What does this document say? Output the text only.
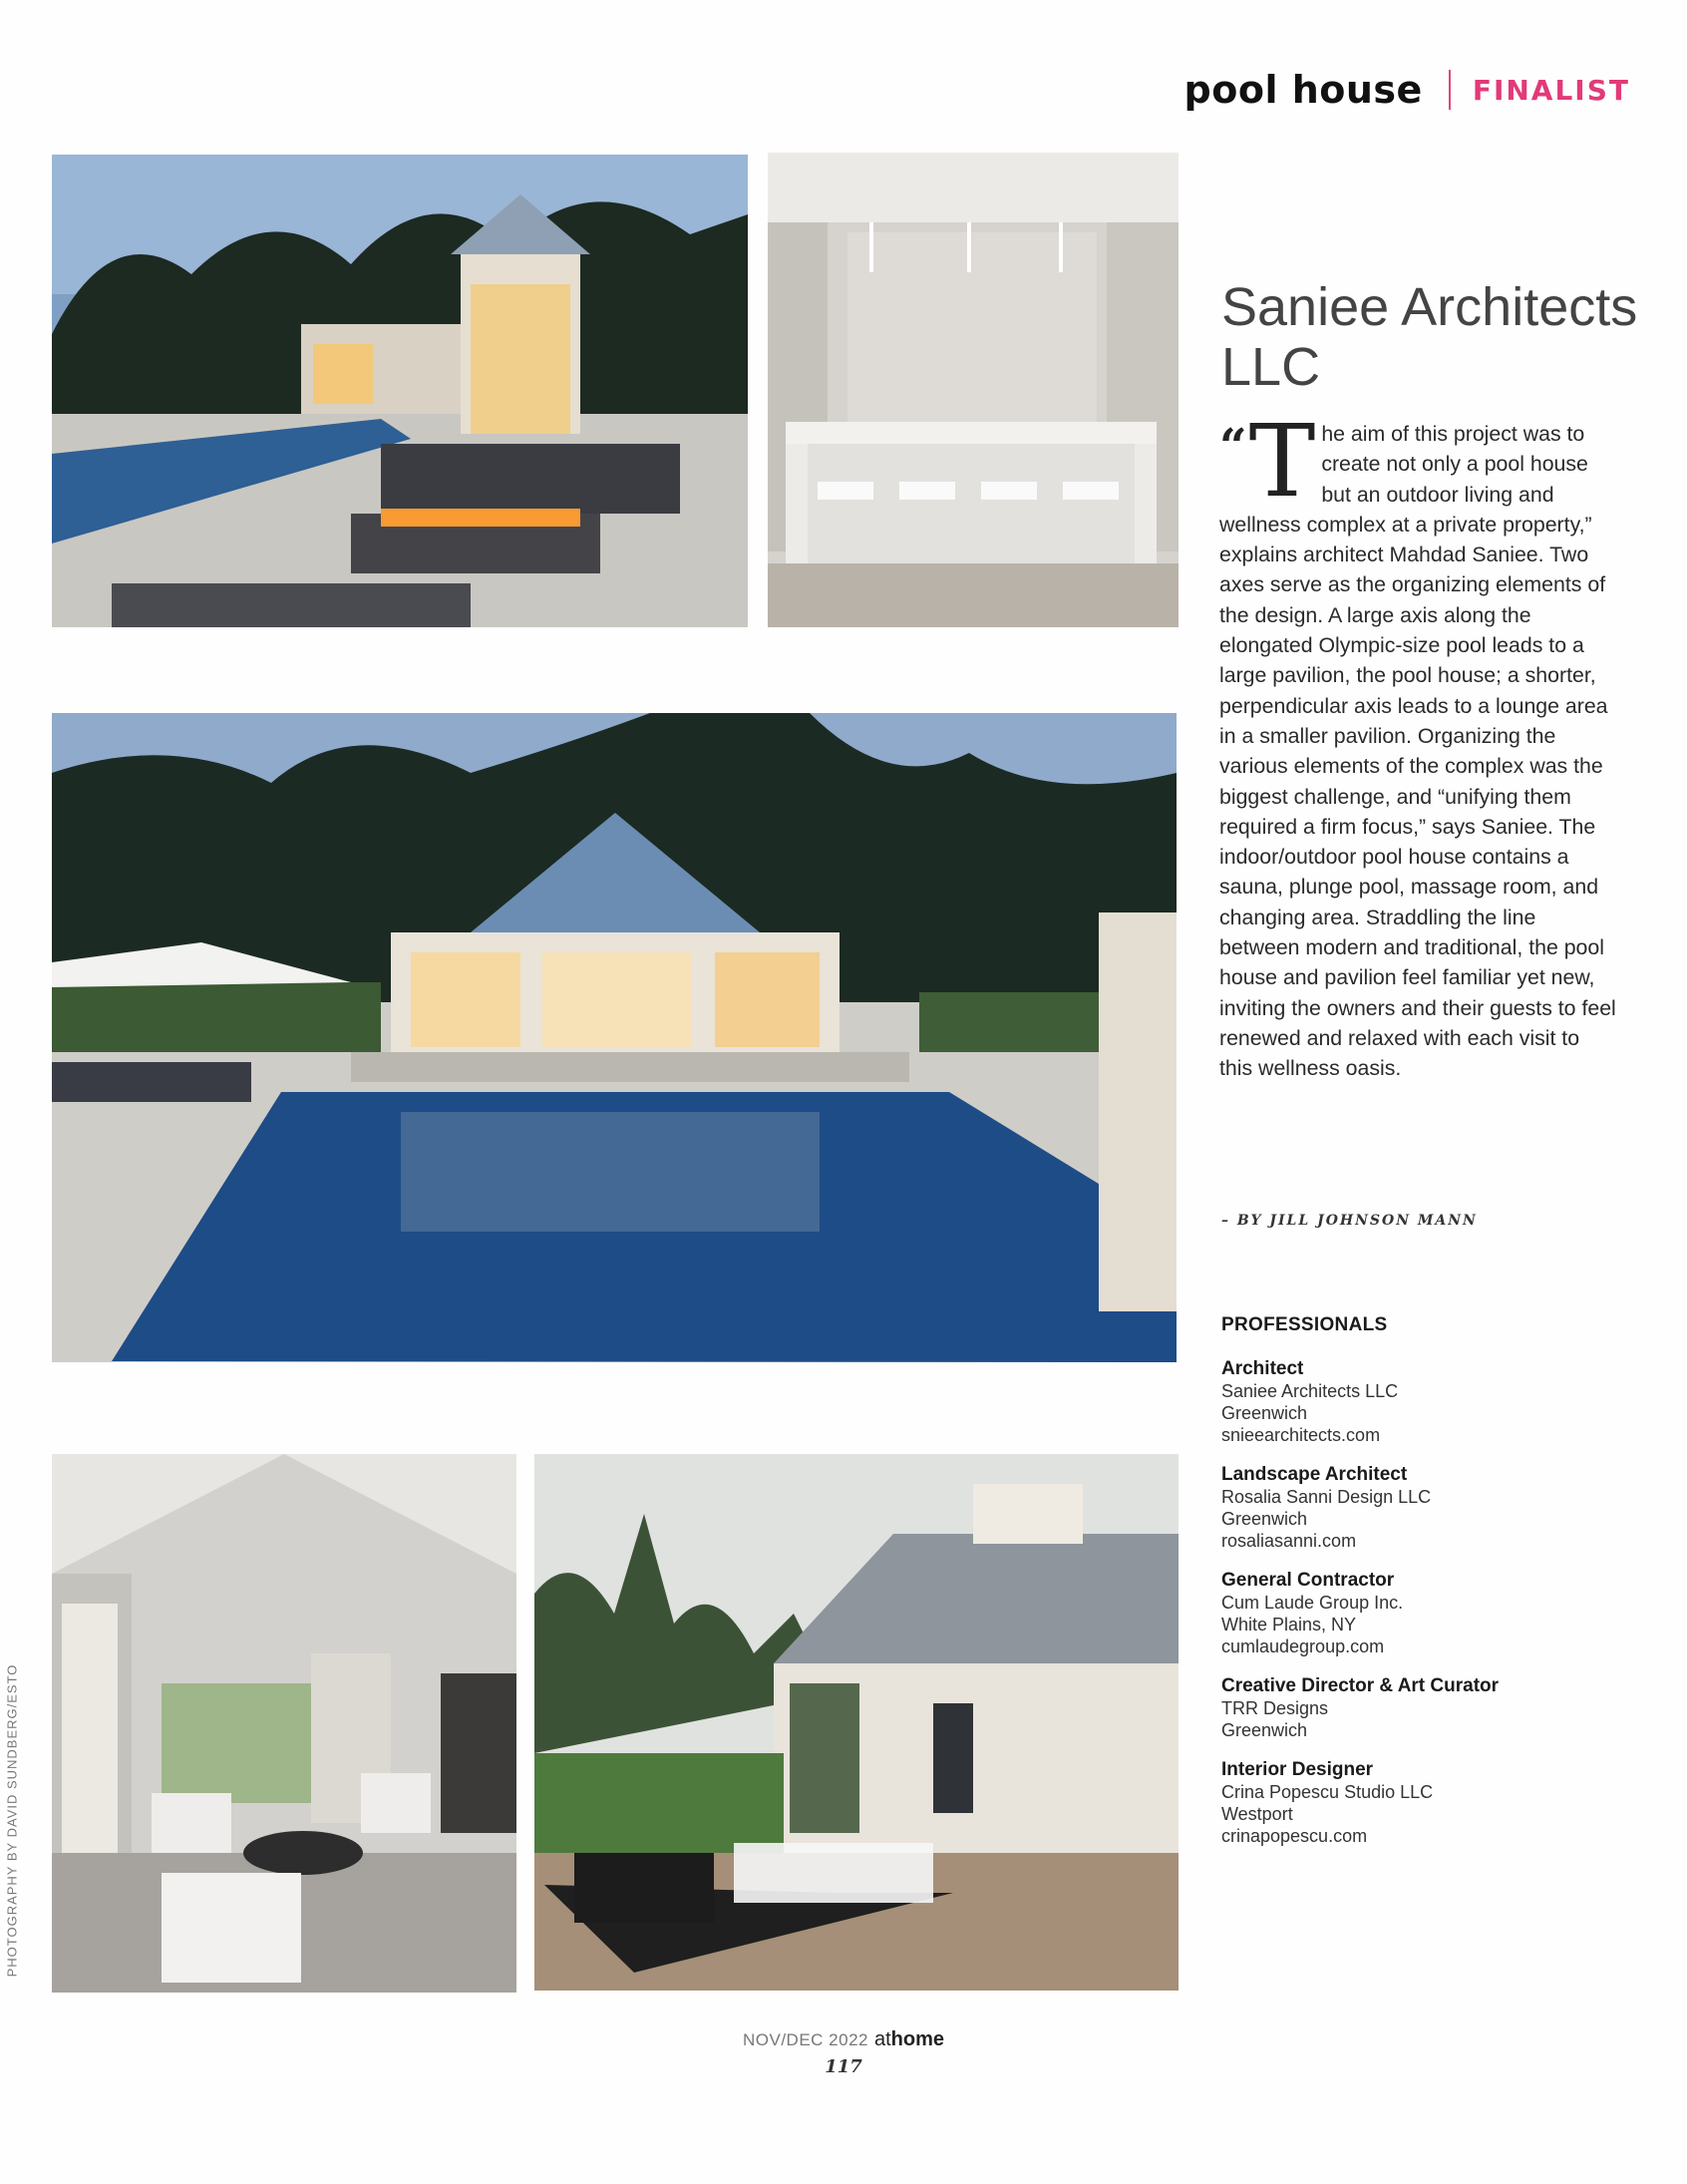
pool house FINALIST
Saniee Architects LLC

“ T he aim of this project was to create not only a pool house but an outdoor living and wellness complex at a private property,” explains architect Mahdad Saniee. Two axes serve as the organizing elements of the design. A large axis along the elongated Olympic-size pool leads to a large pavilion, the pool house; a shorter, perpendicular axis leads to a lounge area in a smaller pavilion. Organizing the various elements of the complex was the biggest challenge, and “unifying them required a firm focus,” says Saniee. The indoor/outdoor pool house contains a sauna, plunge pool, massage room, and changing area. Straddling the line between modern and traditional, the pool house and pavilion feel familiar yet new, inviting the owners and their guests to feel renewed and relaxed with each visit to this wellness oasis.

– BY JILL JOHNSON MANN
PROFESSIONALS
Architect
Saniee Architects LLC
Greenwich
snieearchitects.com
Landscape Architect
Rosalia Sanni Design LLC
Greenwich
rosaliasanni.com
General Contractor
Cum Laude Group Inc.
White Plains, NY
cumlaudegroup.com
Creative Director & Art Curator
TRR Designs
Greenwich
Interior Designer
Crina Popescu Studio LLC
Westport
crinapopescu.com
PHOTOGRAPHY BY DAVID SUNDBERG/ESTO
NOV/DEC 2022 athome
117
